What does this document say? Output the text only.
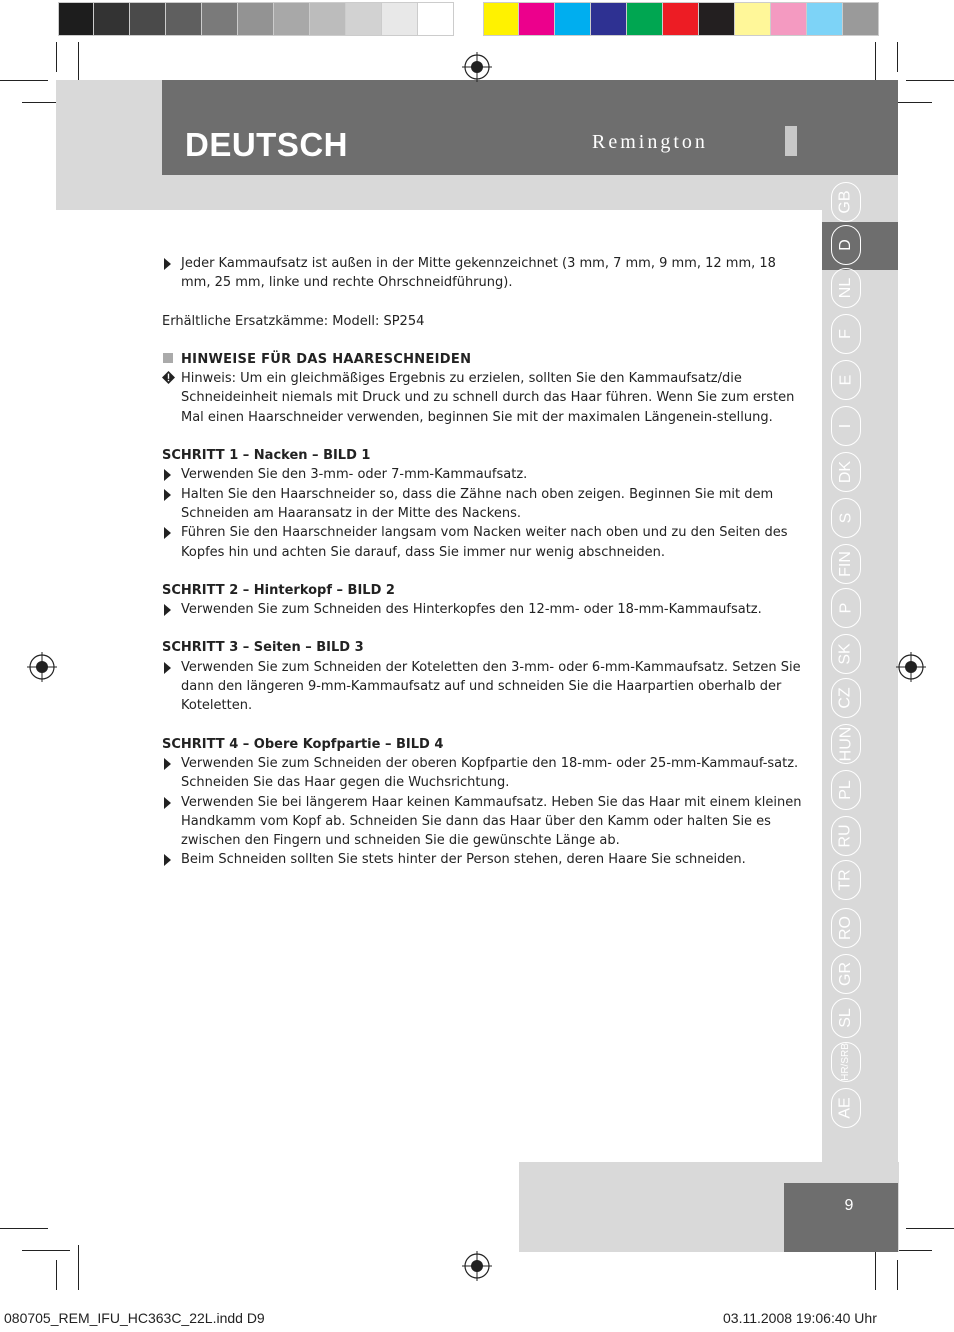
DEUTSCH	Remington
GB
D
NL
F
E
I
DK
S
FIN
P
SK
CZ
HUN
PL
RU
TR
RO
GR
SL
HR/SRB
AE
Jeder Kammaufsatz ist außen in der Mitte gekennzeichnet (3 mm, 7 mm, 9 mm, 12 mm, 18 mm, 25 mm, linke und rechte Ohrschneidführung).

Erhältliche Ersatzkämme: Modell: SP254

HINWEISE FÜR DAS HAARESCHNEIDEN
Hinweis: Um ein gleichmäßiges Ergebnis zu erzielen, sollten Sie den Kammaufsatz/die Schneideinheit niemals mit Druck und zu schnell durch das Haar führen. Wenn Sie zum ersten Mal einen Haarschneider verwenden, beginnen Sie mit der maximalen Längenein-stellung.
SCHRITT 1 – Nacken – BILD 1
Verwenden Sie den 3-mm- oder 7-mm-Kammaufsatz.
Halten Sie den Haarschneider so, dass die Zähne nach oben zeigen. Beginnen Sie mit dem Schneiden am Haaransatz in der Mitte des Nackens.
Führen Sie den Haarschneider langsam vom Nacken weiter nach oben und zu den Seiten des Kopfes hin und achten Sie darauf, dass Sie immer nur wenig abschneiden.
SCHRITT 2 – Hinterkopf – BILD 2
Verwenden Sie zum Schneiden des Hinterkopfes den 12-mm- oder 18-mm-Kammaufsatz.
SCHRITT 3 – Seiten – BILD 3
Verwenden Sie zum Schneiden der Koteletten den 3-mm- oder 6-mm-Kammaufsatz. Setzen Sie dann den längeren 9-mm-Kammaufsatz auf und schneiden Sie die Haarpartien oberhalb der Koteletten.
SCHRITT 4 – Obere Kopfpartie – BILD 4
Verwenden Sie zum Schneiden der oberen Kopfpartie den 18-mm- oder 25-mm-Kammauf-satz. Schneiden Sie das Haar gegen die Wuchsrichtung.
Verwenden Sie bei längerem Haar keinen Kammaufsatz. Heben Sie das Haar mit einem kleinen Handkamm vom Kopf ab. Schneiden Sie dann das Haar über den Kamm oder halten Sie es zwischen den Fingern und schneiden Sie die gewünschte Länge ab.
Beim Schneiden sollten Sie stets hinter der Person stehen, deren Haare Sie schneiden.
9
080705_REM_IFU_HC363C_22L.indd D9	03.11.2008 19:06:40 Uhr
